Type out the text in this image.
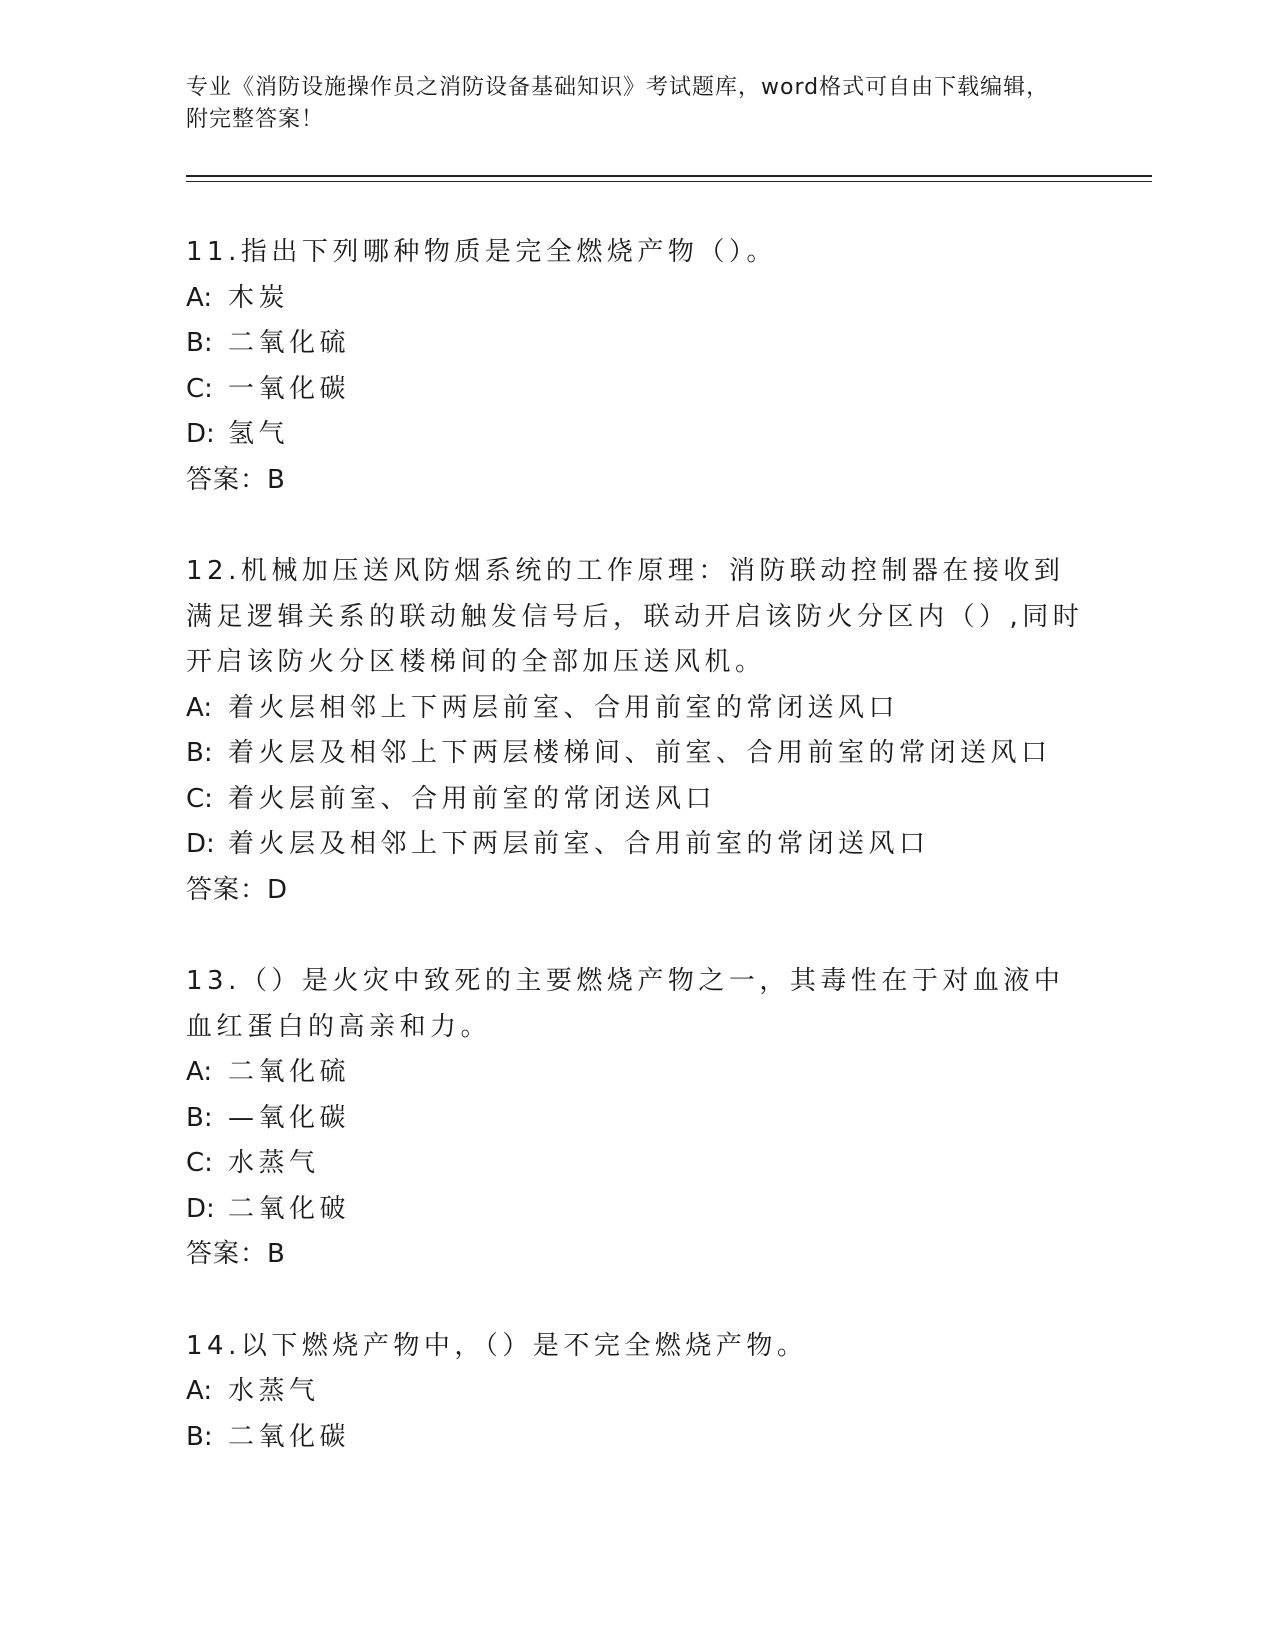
专业《消防设施操作员之消防设备基础知识》考试题库，word格式可自由下载编辑，附完整答案！

11.指出下列哪种物质是完全燃烧产物（）。

A: 木炭

B: 二氧化硫

C: 一氧化碳

D: 氢气

答案：B

12.机械加压送风防烟系统的工作原理：消防联动控制器在接收到满足逻辑关系的联动触发信号后，联动开启该防火分区内（）,同时开启该防火分区楼梯间的全部加压送风机。

A: 着火层相邻上下两层前室、合用前室的常闭送风口

B: 着火层及相邻上下两层楼梯间、前室、合用前室的常闭送风口

C: 着火层前室、合用前室的常闭送风口

D: 着火层及相邻上下两层前室、合用前室的常闭送风口

答案：D

13.（）是火灾中致死的主要燃烧产物之一，其毒性在于对血液中血红蛋白的高亲和力。

A: 二氧化硫

B: —氧化碳

C: 水蒸气

D: 二氧化破

答案：B

14.以下燃烧产物中，（）是不完全燃烧产物。

A: 水蒸气

B: 二氧化碳
